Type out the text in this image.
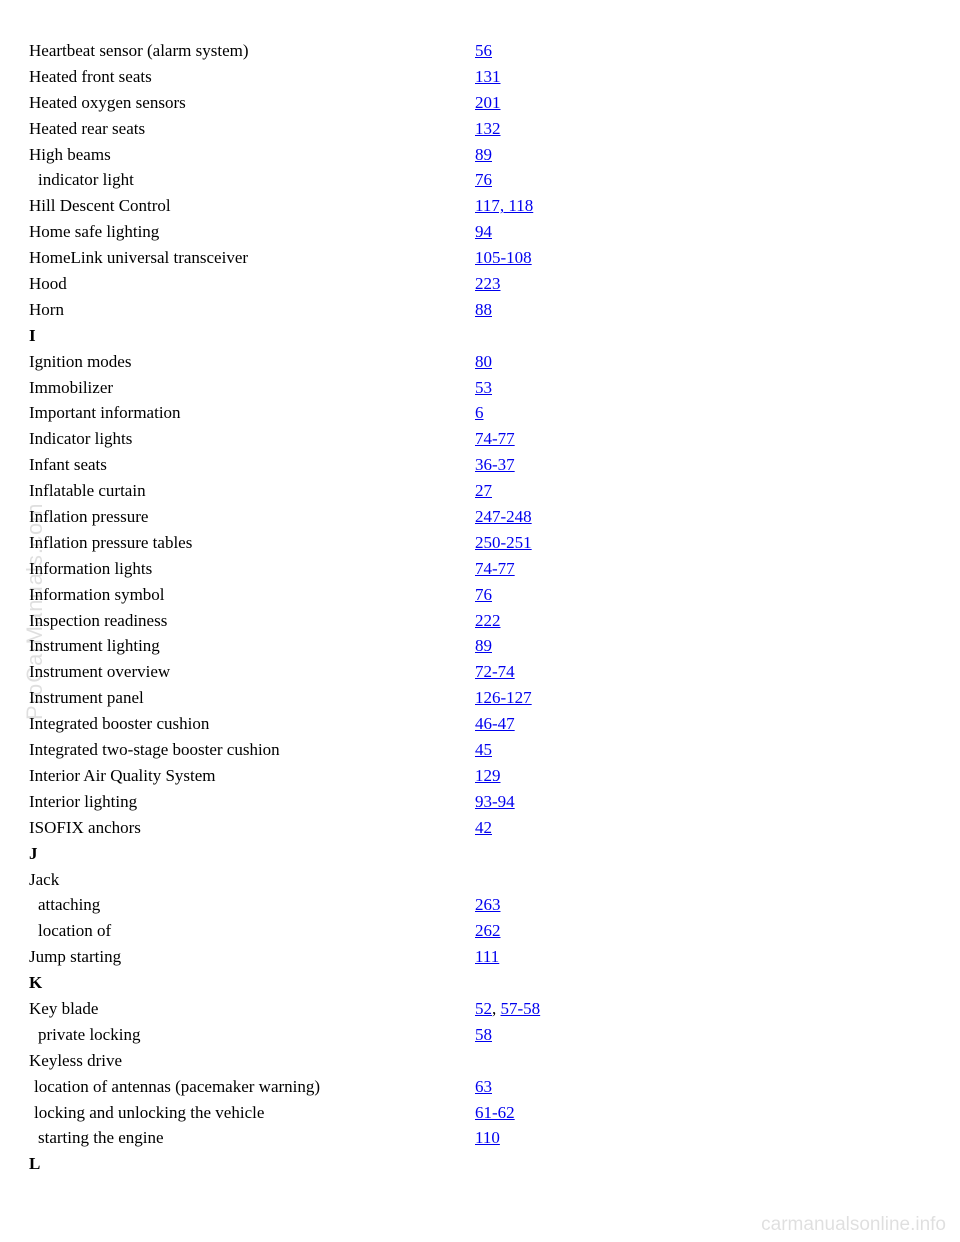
Heartbeat sensor (alarm system)	56
Heated front seats	131
Heated oxygen sensors	201
Heated rear seats	132
High beams	89
indicator light	76
Hill Descent Control	117, 118
Home safe lighting	94
HomeLink universal transceiver	105-108
Hood	223
Horn	88
I
Ignition modes	80
Immobilizer	53
Important information	6
Indicator lights	74-77
Infant seats	36-37
Inflatable curtain	27
Inflation pressure	247-248
Inflation pressure tables	250-251
Information lights	74-77
Information symbol	76
Inspection readiness	222
Instrument lighting	89
Instrument overview	72-74
Instrument panel	126-127
Integrated booster cushion	46-47
Integrated two-stage booster cushion	45
Interior Air Quality System	129
Interior lighting	93-94
ISOFIX anchors	42
J
Jack
attaching	263
location of	262
Jump starting	111
K
Key blade	52, 57-58
private locking	58
Keyless drive
location of antennas (pacemaker warning)	63
locking and unlocking the vehicle	61-62
starting the engine	110
L
ProCarManuals.com
carmanualsonline.info
